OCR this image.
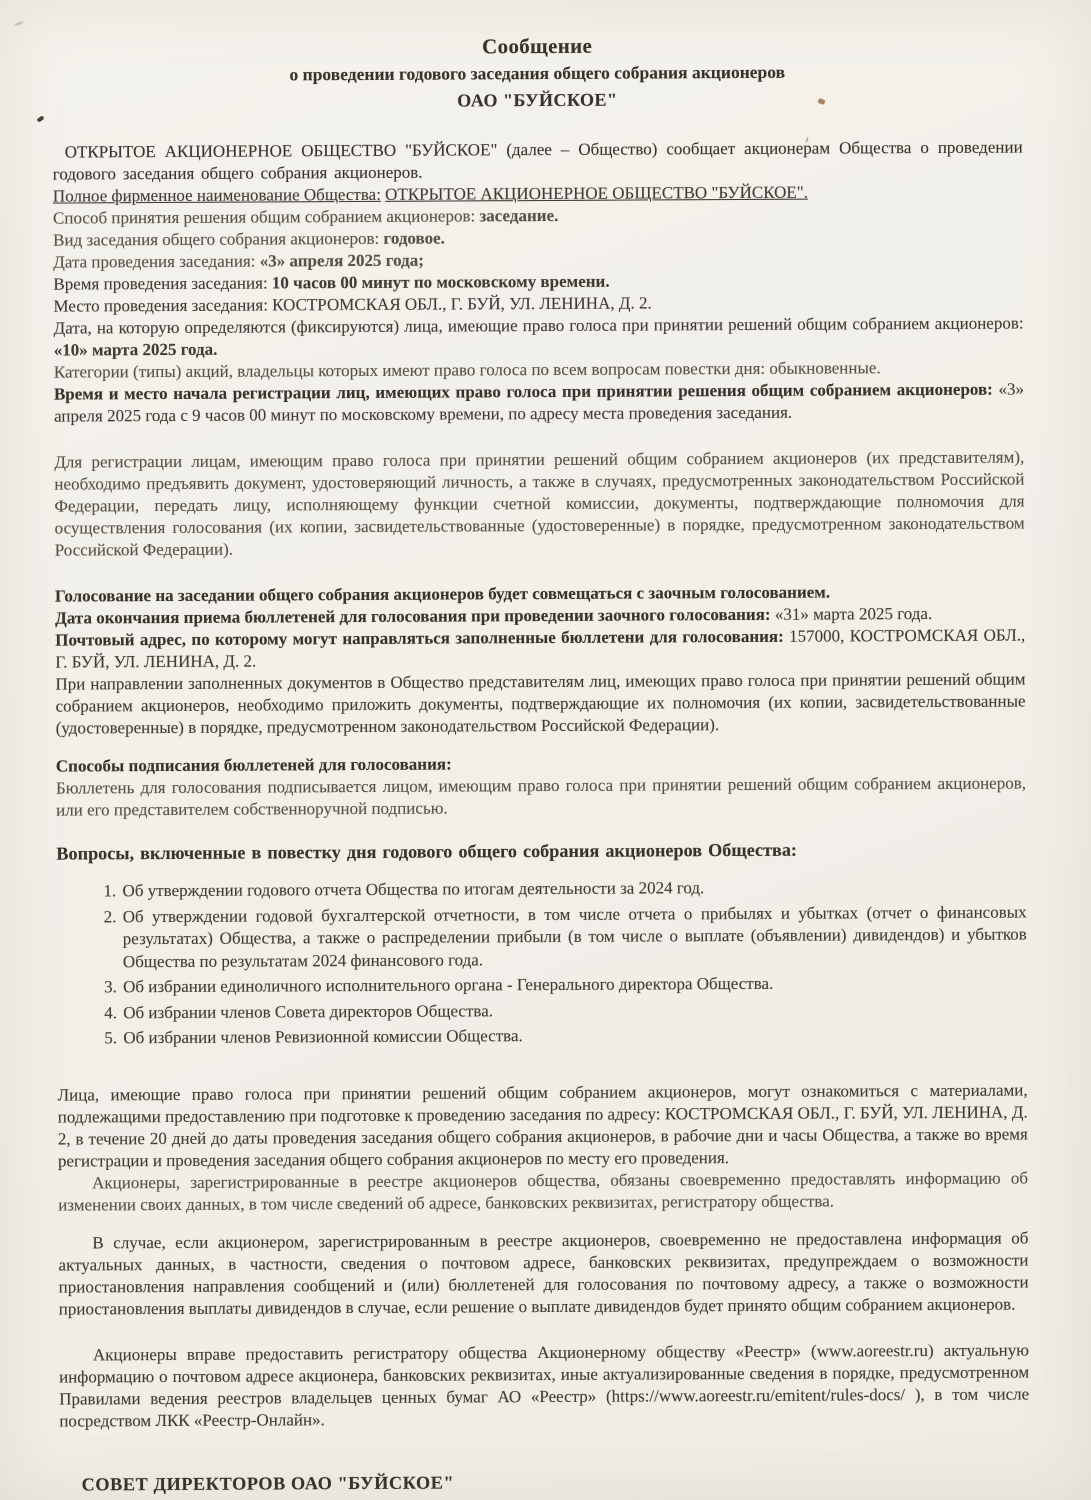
Сообщение

о проведении годового заседания общего собрания акционеров

ОАО "БУЙСКОЕ"

ОТКРЫТОЕ АКЦИОНЕРНОЕ ОБЩЕСТВО "БУЙСКОЕ" (далее – Общество) сообщает акционерам Общества о проведении годового заседания общего собрания акционеров.

Полное фирменное наименование Общества: ОТКРЫТОЕ АКЦИОНЕРНОЕ ОБЩЕСТВО "БУЙСКОЕ".

Способ принятия решения общим собранием акционеров: заседание.

Вид заседания общего собрания акционеров: годовое.

Дата проведения заседания: «3» апреля 2025 года;

Время проведения заседания: 10 часов 00 минут по московскому времени.

Место проведения заседания: КОСТРОМСКАЯ ОБЛ., Г. БУЙ, УЛ. ЛЕНИНА, Д. 2.

Дата, на которую определяются (фиксируются) лица, имеющие право голоса при принятии решений общим собранием акционеров: «10» марта 2025 года.

Категории (типы) акций, владельцы которых имеют право голоса по всем вопросам повестки дня: обыкновенные.

Время и место начала регистрации лиц, имеющих право голоса при принятии решения общим собранием акционеров: «3» апреля 2025 года с 9 часов 00 минут по московскому времени, по адресу места проведения заседания.

Для регистрации лицам, имеющим право голоса при принятии решений общим собранием акционеров (их представителям), необходимо предъявить документ, удостоверяющий личность, а также в случаях, предусмотренных законодательством Российской Федерации, передать лицу, исполняющему функции счетной комиссии, документы, подтверждающие полномочия для осуществления голосования (их копии, засвидетельствованные (удостоверенные) в порядке, предусмотренном законодательством Российской Федерации).

Голосование на заседании общего собрания акционеров будет совмещаться с заочным голосованием.

Дата окончания приема бюллетеней для голосования при проведении заочного голосования: «31» марта 2025 года.

Почтовый адрес, по которому могут направляться заполненные бюллетени для голосования: 157000, КОСТРОМСКАЯ ОБЛ., Г. БУЙ, УЛ. ЛЕНИНА, Д. 2.

При направлении заполненных документов в Общество представителям лиц, имеющих право голоса при принятии решений общим собранием акционеров, необходимо приложить документы, подтверждающие их полномочия (их копии, засвидетельствованные (удостоверенные) в порядке, предусмотренном законодательством Российской Федерации).

Способы подписания бюллетеней для голосования:

Бюллетень для голосования подписывается лицом, имеющим право голоса при принятии решений общим собранием акционеров, или его представителем собственноручной подписью.

Вопросы, включенные в повестку дня годового общего собрания акционеров Общества:

1. Об утверждении годового отчета Общества по итогам деятельности за 2024 год.
2. Об утверждении годовой бухгалтерской отчетности, в том числе отчета о прибылях и убытках (отчет о финансовых результатах) Общества, а также о распределении прибыли (в том числе о выплате (объявлении) дивидендов) и убытков Общества по результатам 2024 финансового года.
3. Об избрании единоличного исполнительного органа - Генерального директора Общества.
4. Об избрании членов Совета директоров Общества.
5. Об избрании членов Ревизионной комиссии Общества.

Лица, имеющие право голоса при принятии решений общим собранием акционеров, могут ознакомиться с материалами, подлежащими предоставлению при подготовке к проведению заседания по адресу: КОСТРОМСКАЯ ОБЛ., Г. БУЙ, УЛ. ЛЕНИНА, Д. 2, в течение 20 дней до даты проведения заседания общего собрания акционеров, в рабочие дни и часы Общества, а также во время регистрации и проведения заседания общего собрания акционеров по месту его проведения.

Акционеры, зарегистрированные в реестре акционеров общества, обязаны своевременно предоставлять информацию об изменении своих данных, в том числе сведений об адресе, банковских реквизитах, регистратору общества.

В случае, если акционером, зарегистрированным в реестре акционеров, своевременно не предоставлена информация об актуальных данных, в частности, сведения о почтовом адресе, банковских реквизитах, предупреждаем о возможности приостановления направления сообщений и (или) бюллетеней для голосования по почтовому адресу, а также о возможности приостановления выплаты дивидендов в случае, если решение о выплате дивидендов будет принято общим собранием акционеров.

Акционеры вправе предоставить регистратору общества Акционерному обществу «Реестр» (www.aoreestr.ru) актуальную информацию о почтовом адресе акционера, банковских реквизитах, иные актуализированные сведения в порядке, предусмотренном Правилами ведения реестров владельцев ценных бумаг АО «Реестр» (https://www.aoreestr.ru/emitent/rules-docs/ ), в том числе посредством ЛКК «Реестр-Онлайн».

СОВЕТ ДИРЕКТОРОВ ОАО "БУЙСКОЕ"
